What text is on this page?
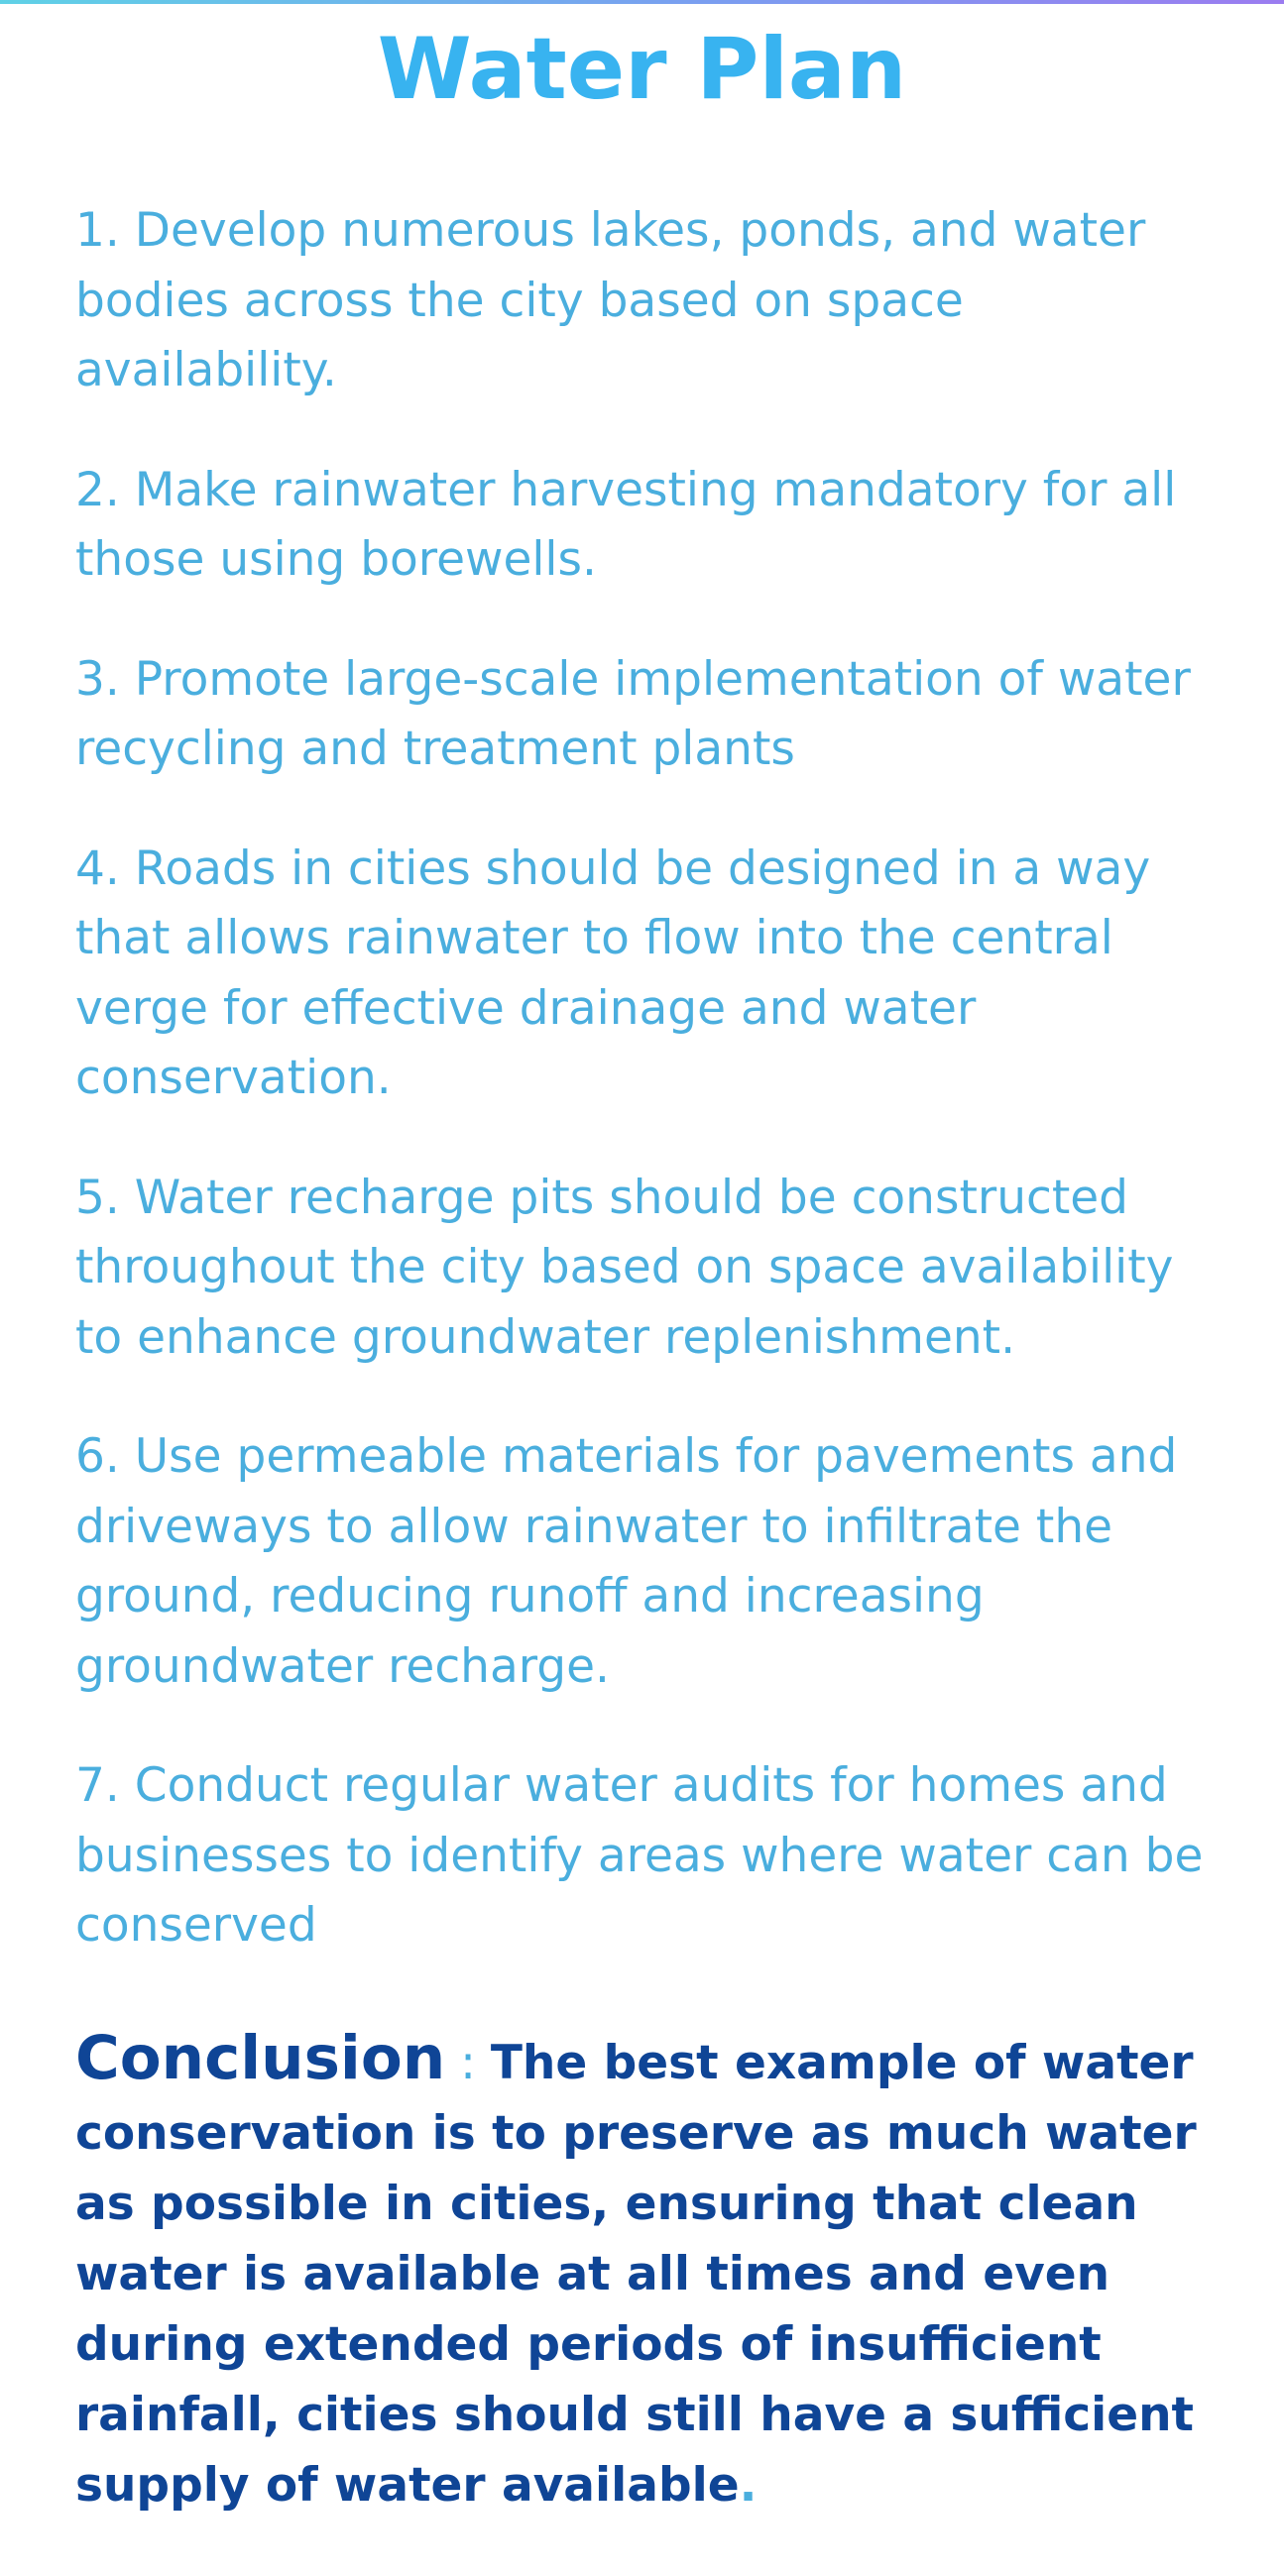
Water Plan
1. Develop numerous lakes, ponds, and water bodies across the city based on space availability.
2. Make rainwater harvesting mandatory for all those using borewells.
3. Promote large-scale implementation of water recycling and treatment plants
4. Roads in cities should be designed in a way that allows rainwater to flow into the central verge for effective drainage and water conservation.
5. Water recharge pits should be constructed throughout the city based on space availability to enhance groundwater replenishment.
6. Use permeable materials for pavements and driveways to allow rainwater to infiltrate the ground, reducing runoff and increasing groundwater recharge.
7. Conduct regular water audits for homes and businesses to identify areas where water can be conserved

Conclusion : The best example of water conservation is to preserve as much water as possible in cities, ensuring that clean water is available at all times and even during extended periods of insufficient rainfall, cities should still have a sufficient supply of water available.
